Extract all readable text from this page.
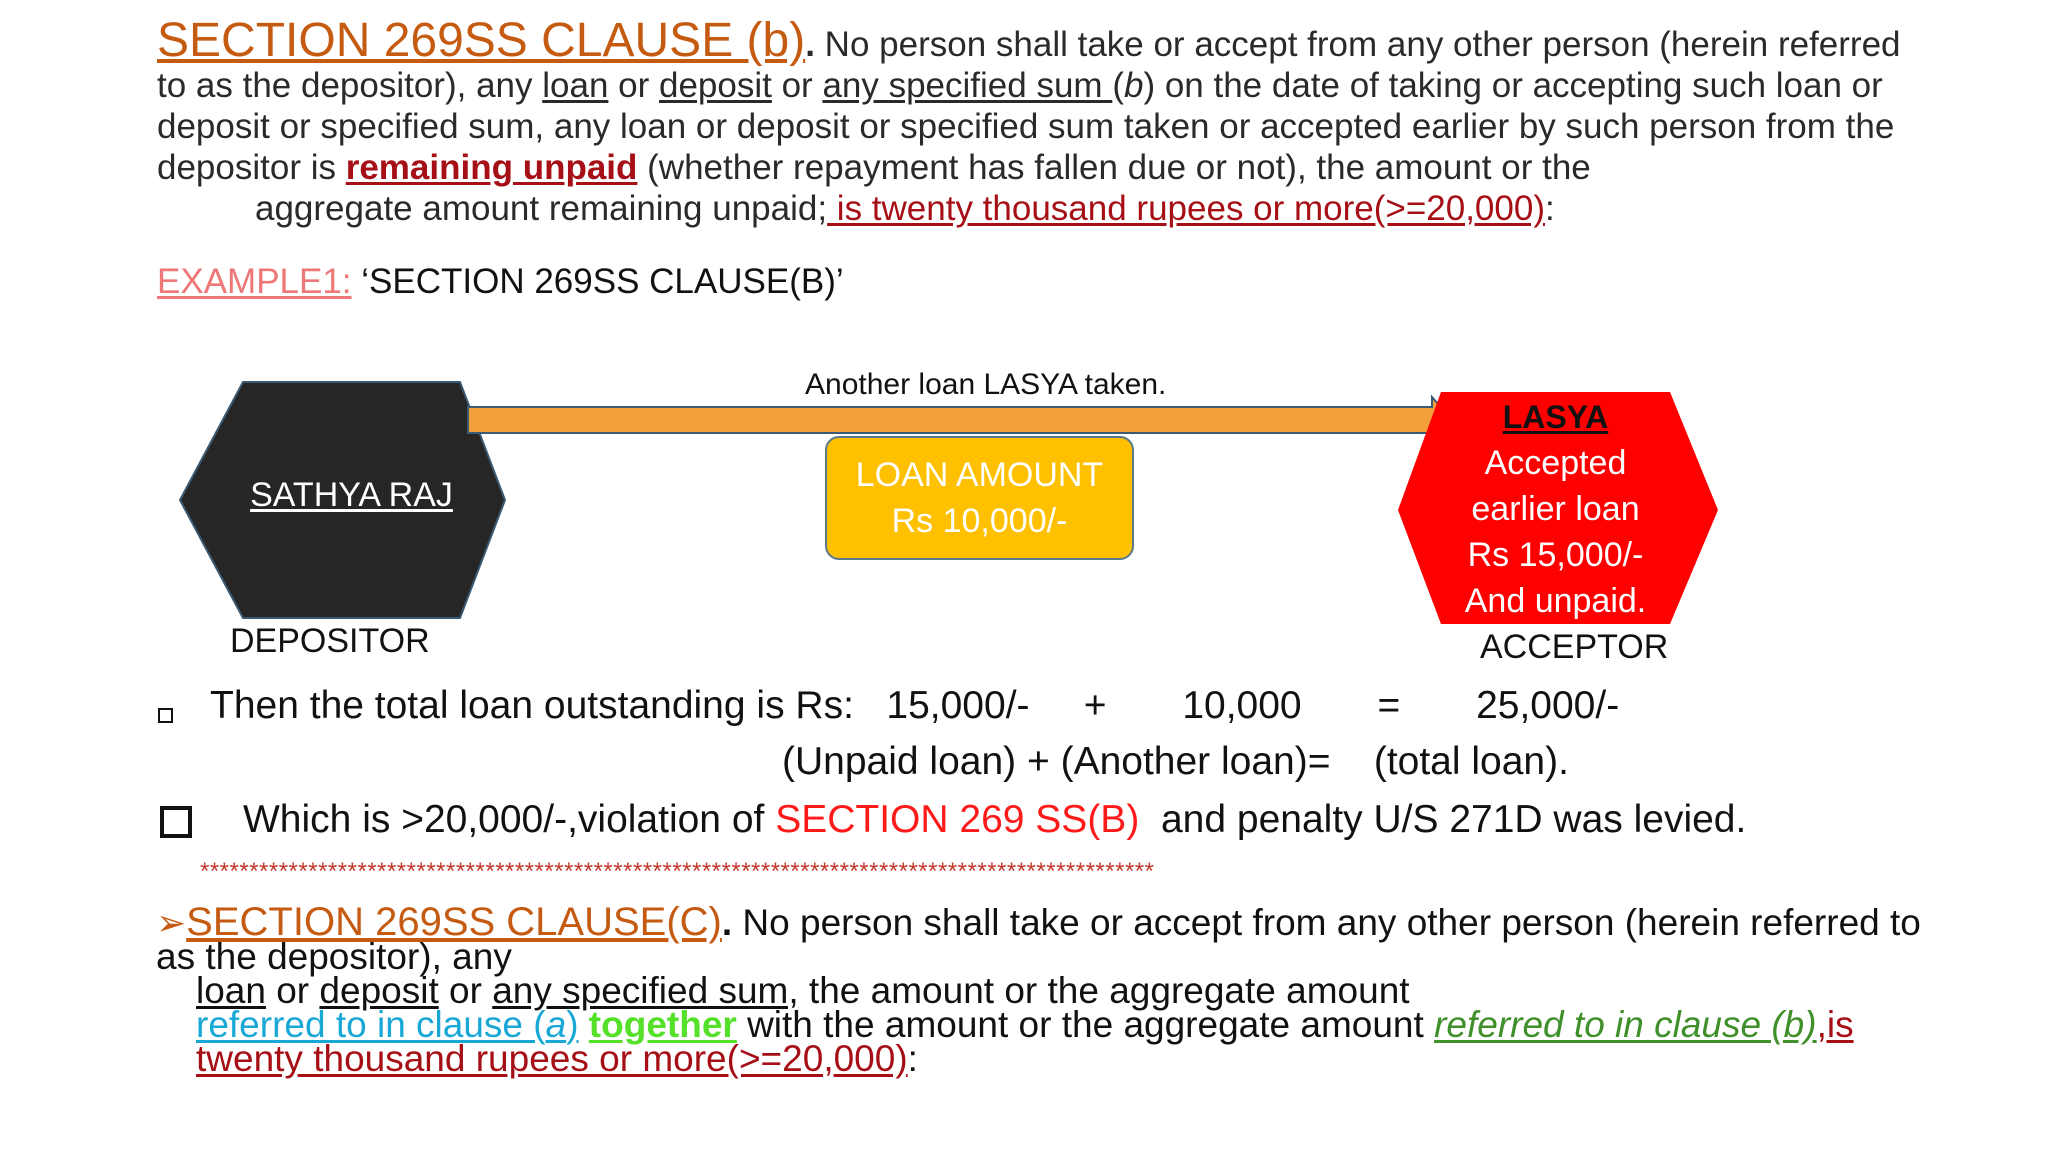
SECTION 269SS CLAUSE (b). No person shall take or accept from any other person (herein referred to as the depositor), any loan or deposit or any specified sum (b) on the date of taking or accepting such loan or deposit or specified sum, any loan or deposit or specified sum taken or accepted earlier by such person from the depositor is remaining unpaid (whether repayment has fallen due or not), the amount or the
aggregate amount remaining unpaid; is twenty thousand rupees or more(>=20,000):
EXAMPLE1: ‘SECTION 269SS CLAUSE(B)’
SATHYA RAJ
Another loan LASYA taken.
LOAN AMOUNT
Rs 10,000/-
LASYA
Accepted
earlier loan
Rs 15,000/-
And unpaid.
DEPOSITOR	ACCEPTOR
Then the total loan outstanding is Rs:   15,000/-     +       10,000       =       25,000/-
(Unpaid loan) + (Another loan)=    (total loan).
Which is >20,000/-,violation of SECTION 269 SS(B)  and penalty U/S 271D was levied.
*************************************************************************************************
➢SECTION 269SS CLAUSE(C). No person shall take or accept from any other person (herein referred to as the depositor), any
loan or deposit or any specified sum, the amount or the aggregate amount
referred to in clause (a) together with the amount or the aggregate amount referred to in clause (b),is
twenty thousand rupees or more(>=20,000):
